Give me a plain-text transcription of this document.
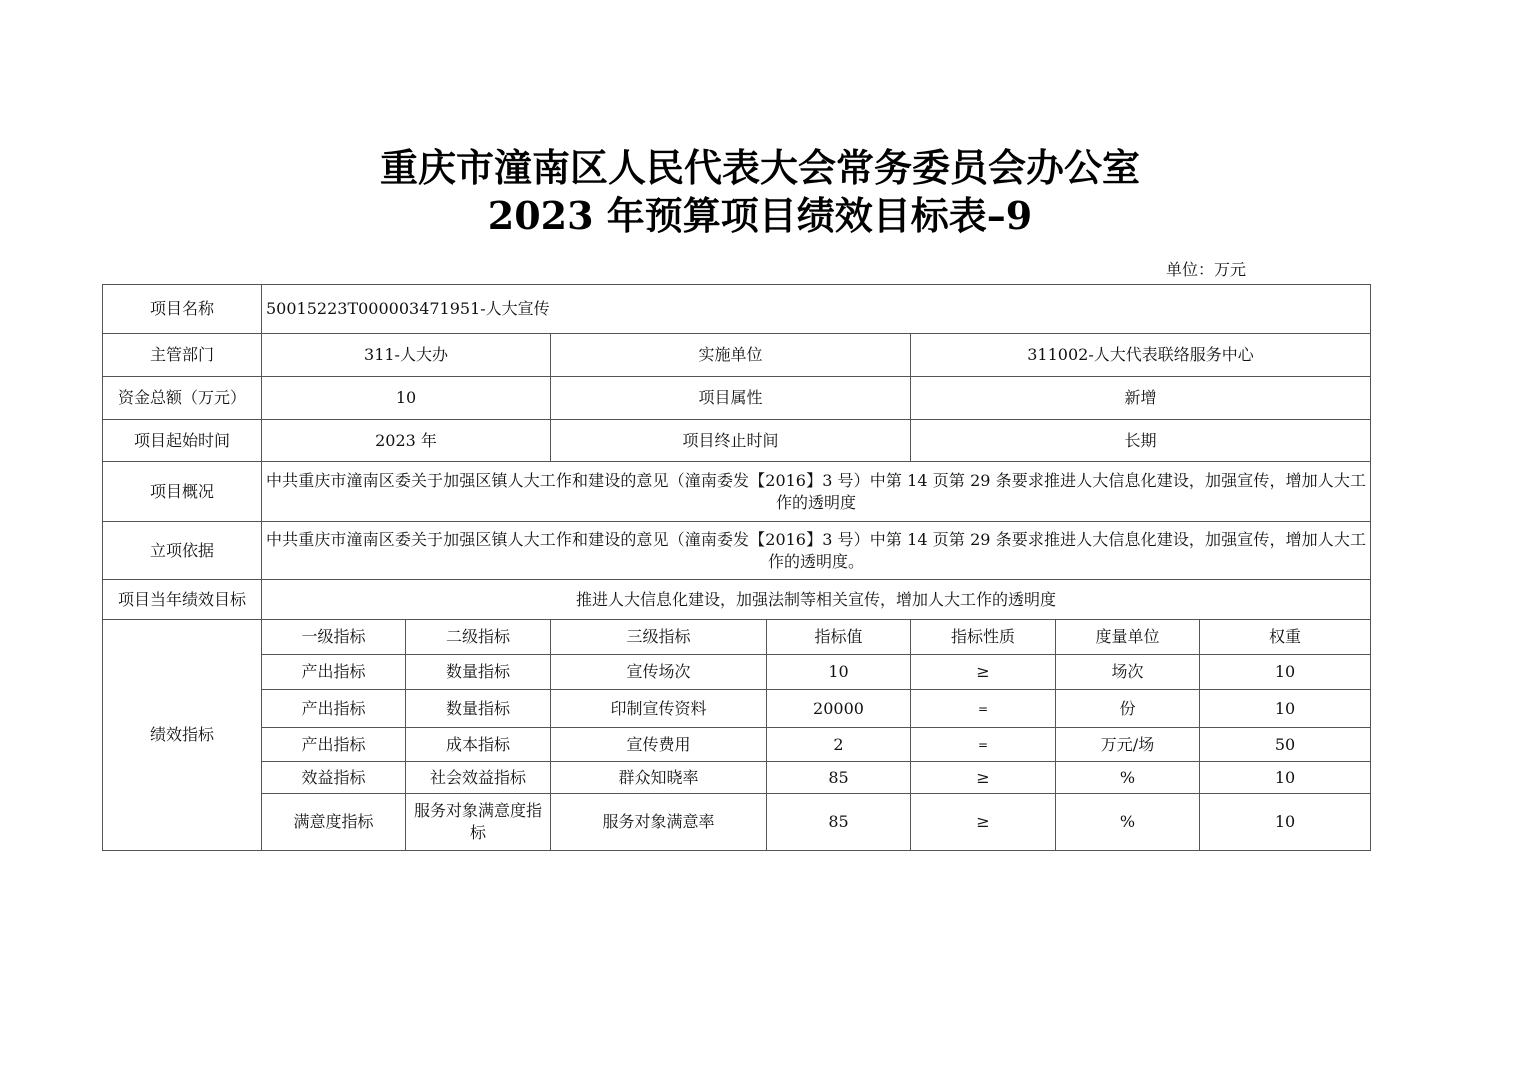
重庆市潼南区人民代表大会常务委员会办公室
2023 年预算项目绩效目标表–9
单位：万元
项目名称	50015223T000003471951-人大宣传						
主管部门	311-人大办		实施单位		311002-人大代表联络服务中心		
资金总额（万元）	10		项目属性		新增		
项目起始时间	2023 年		项目终止时间		长期		
项目概况	中共重庆市潼南区委关于加强区镇人大工作和建设的意见（潼南委发【2016】3 号）中第 14 页第 29 条要求推进人大信息化建设，加强宣传，增加人大工作的透明度						
立项依据	中共重庆市潼南区委关于加强区镇人大工作和建设的意见（潼南委发【2016】3 号）中第 14 页第 29 条要求推进人大信息化建设，加强宣传，增加人大工作的透明度。						
项目当年绩效目标	推进人大信息化建设，加强法制等相关宣传，增加人大工作的透明度						
绩效指标	一级指标	二级指标	三级指标	指标值	指标性质	度量单位	权重
	产出指标	数量指标	宣传场次	10	≥	场次	10
	产出指标	数量指标	印制宣传资料	20000	=	份	10
	产出指标	成本指标	宣传费用	2	=	万元/场	50
	效益指标	社会效益指标	群众知晓率	85	≥	%	10
	满意度指标	服务对象满意度指标	服务对象满意率	85	≥	%	10
